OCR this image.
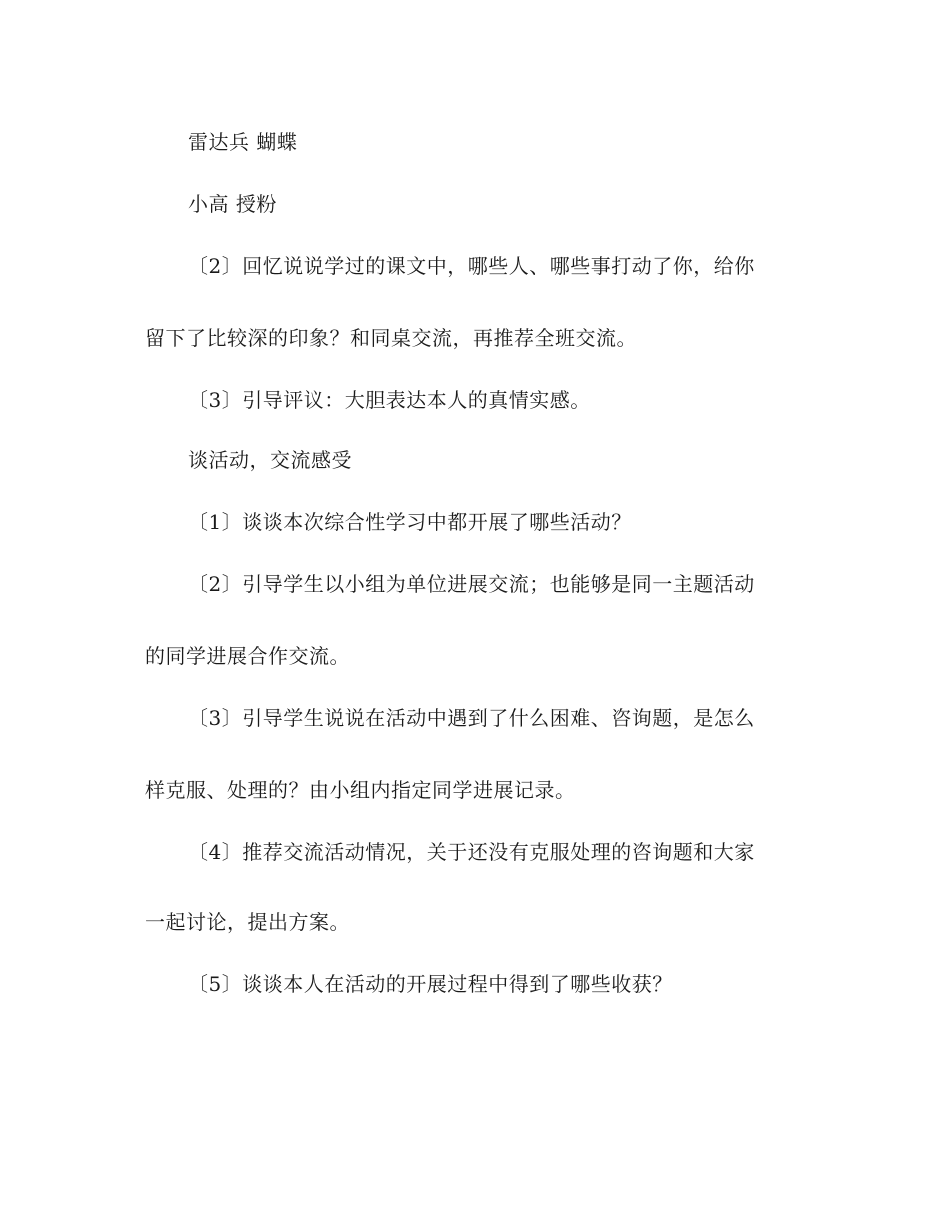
雷达兵 蝴蝶
小高 授粉
〔2〕回忆说说学过的课文中，哪些人、哪些事打动了你，给你
留下了比较深的印象？和同桌交流，再推荐全班交流。
〔3〕引导评议：大胆表达本人的真情实感。
谈活动，交流感受
〔1〕谈谈本次综合性学习中都开展了哪些活动？
〔2〕引导学生以小组为单位进展交流；也能够是同一主题活动
的同学进展合作交流。
〔3〕引导学生说说在活动中遇到了什么困难、咨询题，是怎么
样克服、处理的？由小组内指定同学进展记录。
〔4〕推荐交流活动情况，关于还没有克服处理的咨询题和大家
一起讨论，提出方案。
〔5〕谈谈本人在活动的开展过程中得到了哪些收获？
